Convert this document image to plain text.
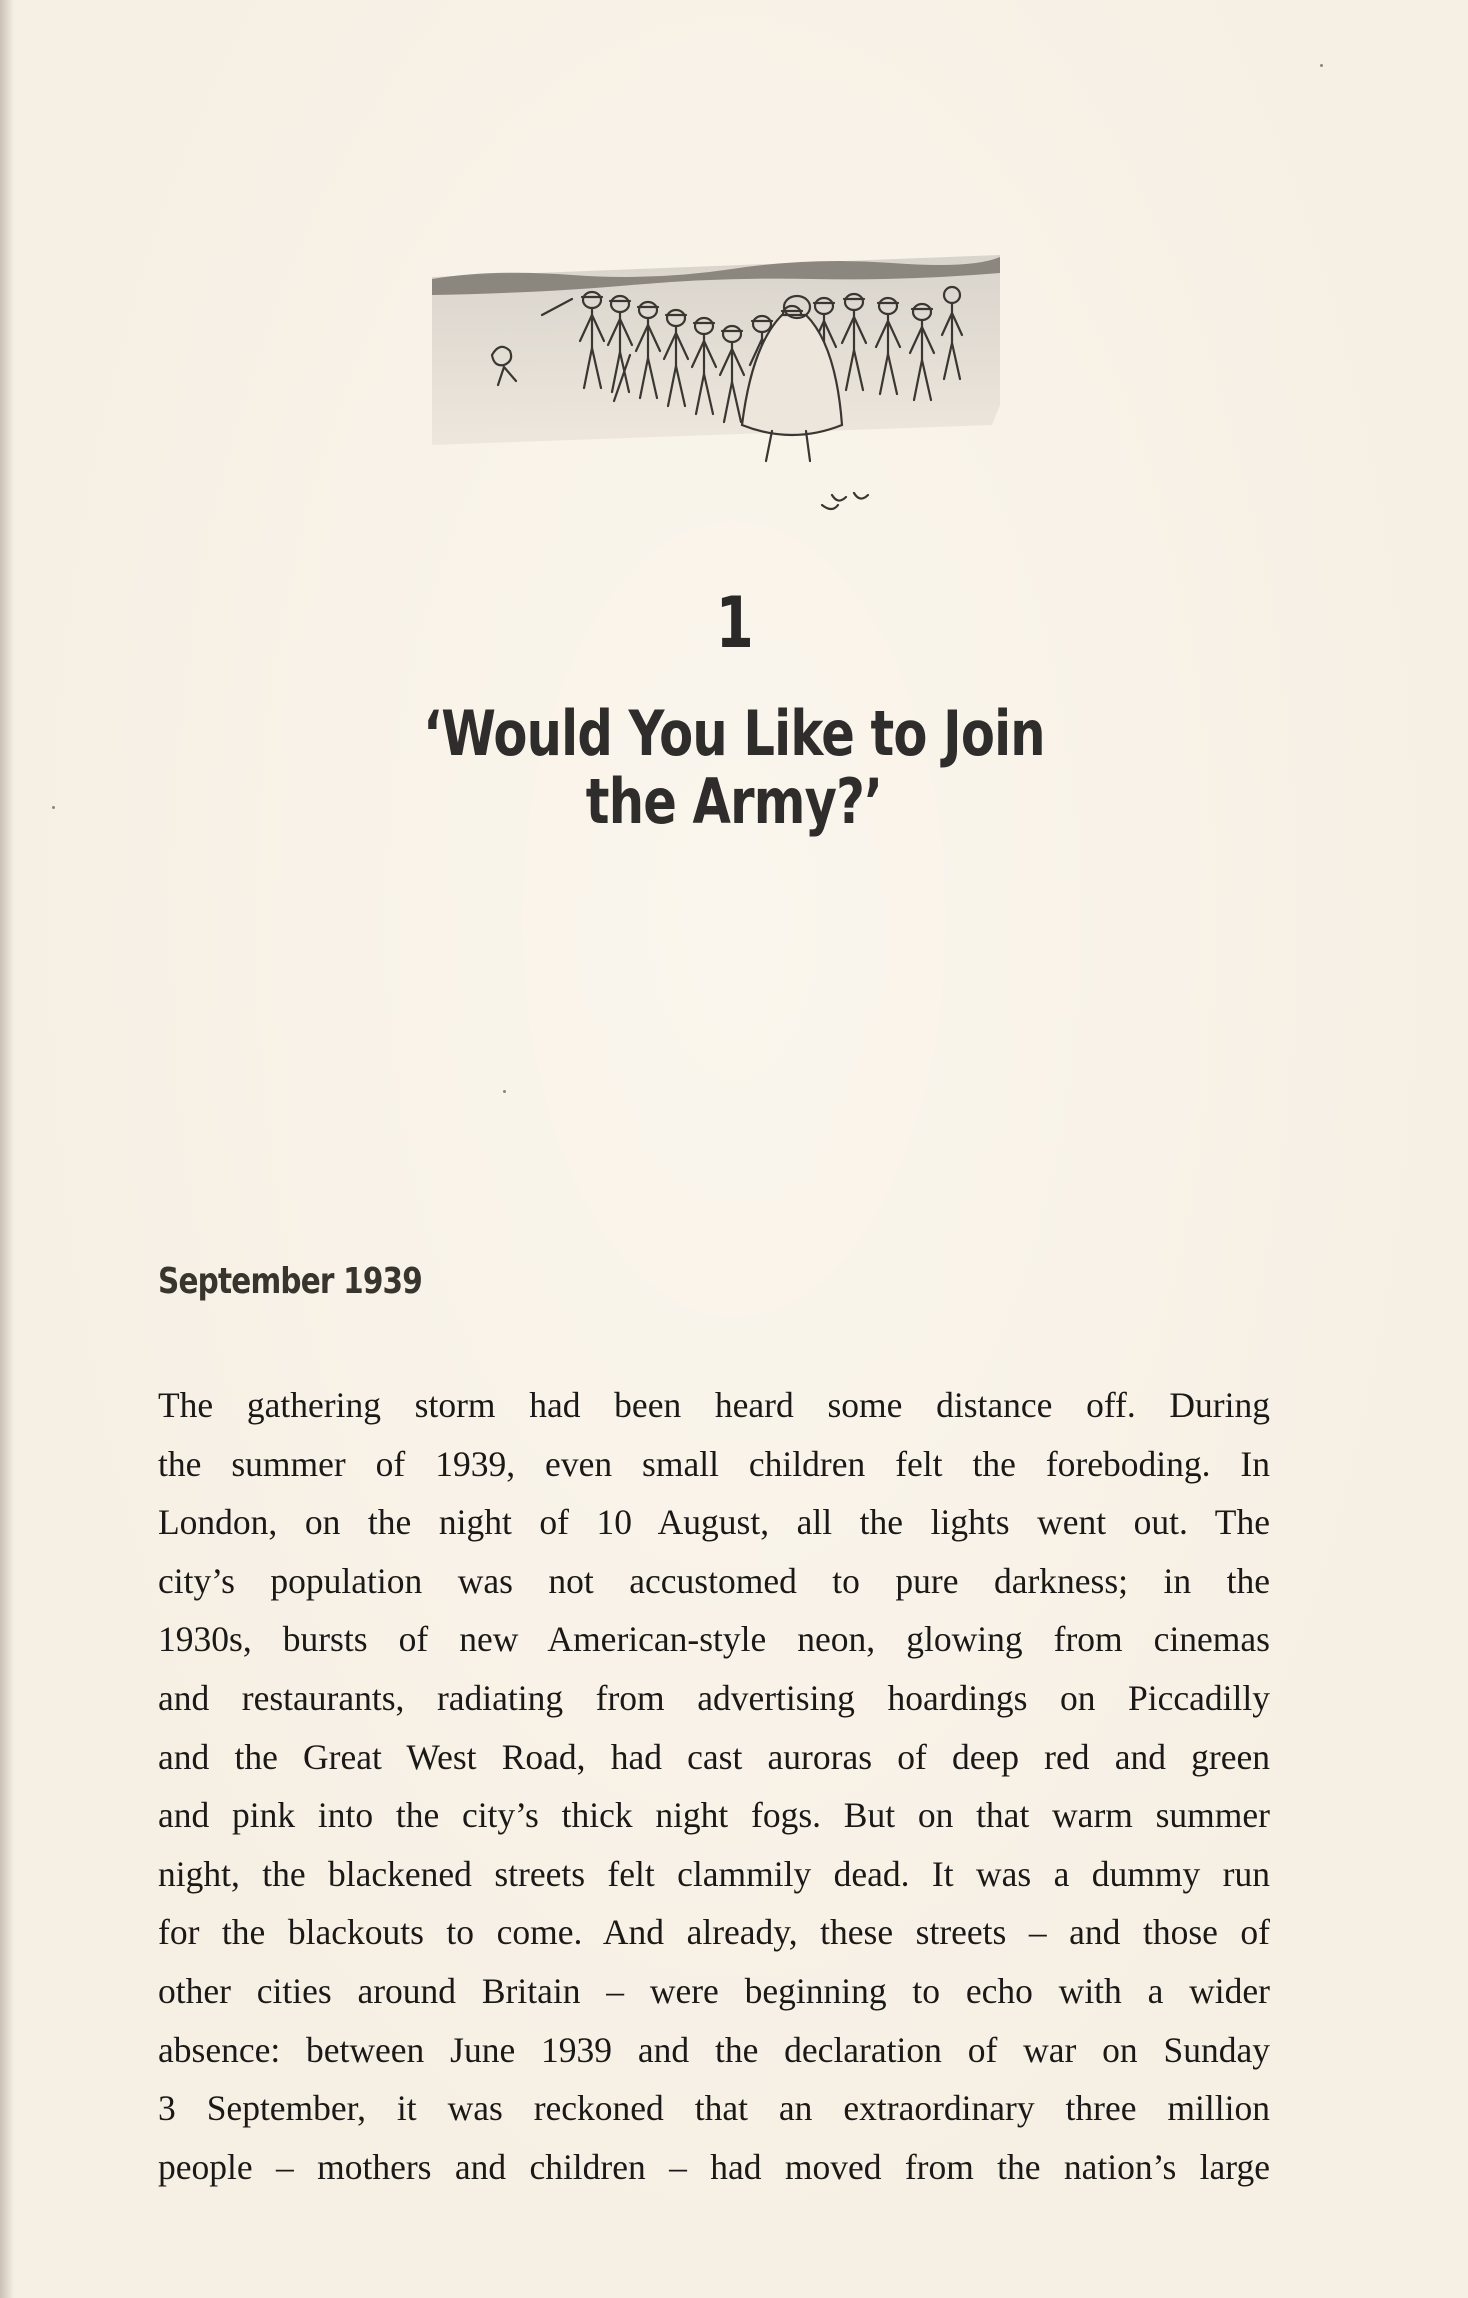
1
‘Would You Like to Join
the Army?’
September 1939
The gathering storm had been heard some distance off. During
the summer of 1939, even small children felt the foreboding. In
London, on the night of 10 August, all the lights went out. The
city’s population was not accustomed to pure darkness; in the
1930s, bursts of new American-style neon, glowing from cinemas
and restaurants, radiating from advertising hoardings on Piccadilly
and the Great West Road, had cast auroras of deep red and green
and pink into the city’s thick night fogs. But on that warm summer
night, the blackened streets felt clammily dead. It was a dummy run
for the blackouts to come. And already, these streets – and those of
other cities around Britain – were beginning to echo with a wider
absence: between June 1939 and the declaration of war on Sunday
3 September, it was reckoned that an extraordinary three million
people – mothers and children – had moved from the nation’s large
